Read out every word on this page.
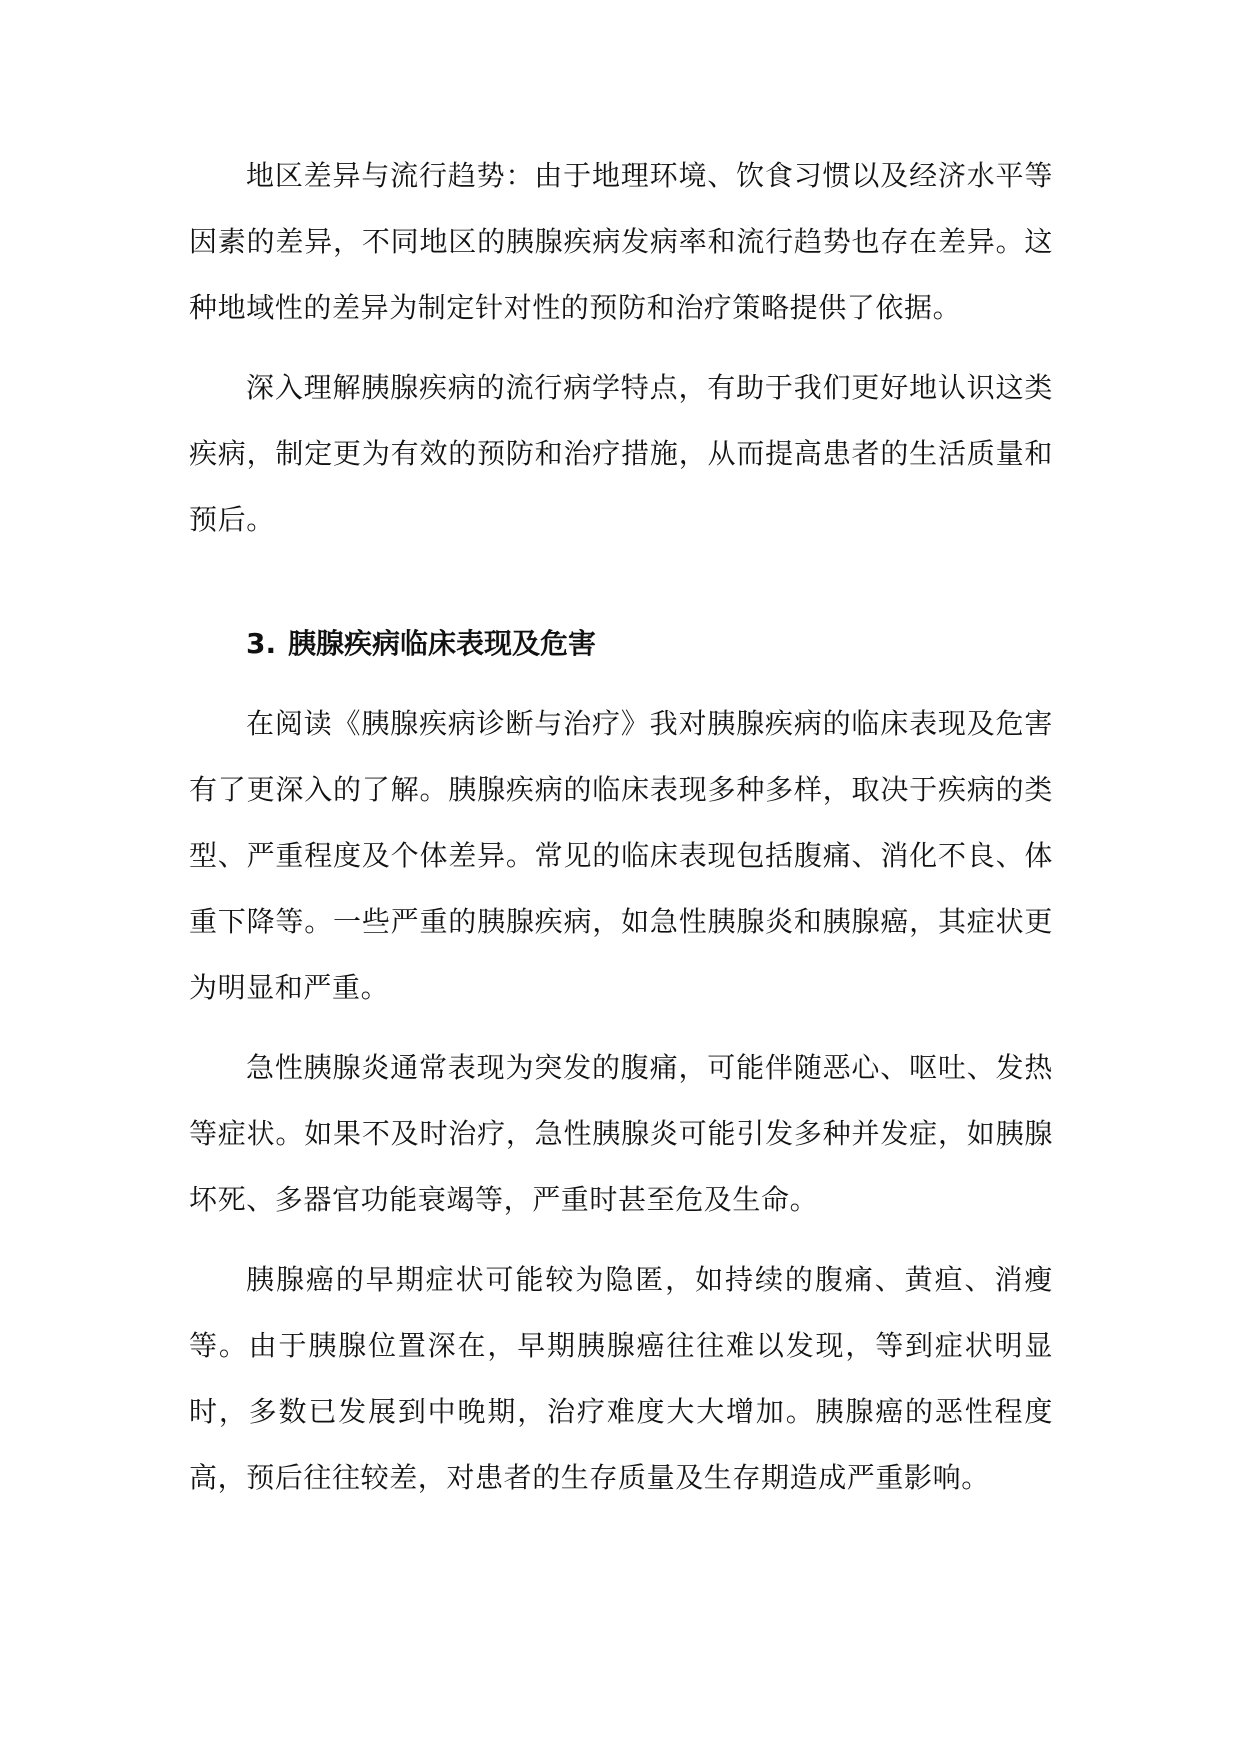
地区差异与流行趋势：由于地理环境、饮食习惯以及经济水平等因素的差异，不同地区的胰腺疾病发病率和流行趋势也存在差异。这种地域性的差异为制定针对性的预防和治疗策略提供了依据。

深入理解胰腺疾病的流行病学特点，有助于我们更好地认识这类疾病，制定更为有效的预防和治疗措施，从而提高患者的生活质量和预后。

3. 胰腺疾病临床表现及危害

在阅读《胰腺疾病诊断与治疗》我对胰腺疾病的临床表现及危害有了更深入的了解。胰腺疾病的临床表现多种多样，取决于疾病的类型、严重程度及个体差异。常见的临床表现包括腹痛、消化不良、体重下降等。一些严重的胰腺疾病，如急性胰腺炎和胰腺癌，其症状更为明显和严重。

急性胰腺炎通常表现为突发的腹痛，可能伴随恶心、呕吐、发热等症状。如果不及时治疗，急性胰腺炎可能引发多种并发症，如胰腺坏死、多器官功能衰竭等，严重时甚至危及生命。

胰腺癌的早期症状可能较为隐匿，如持续的腹痛、黄疸、消瘦等。由于胰腺位置深在，早期胰腺癌往往难以发现，等到症状明显时，多数已发展到中晚期，治疗难度大大增加。胰腺癌的恶性程度高，预后往往较差，对患者的生存质量及生存期造成严重影响。
